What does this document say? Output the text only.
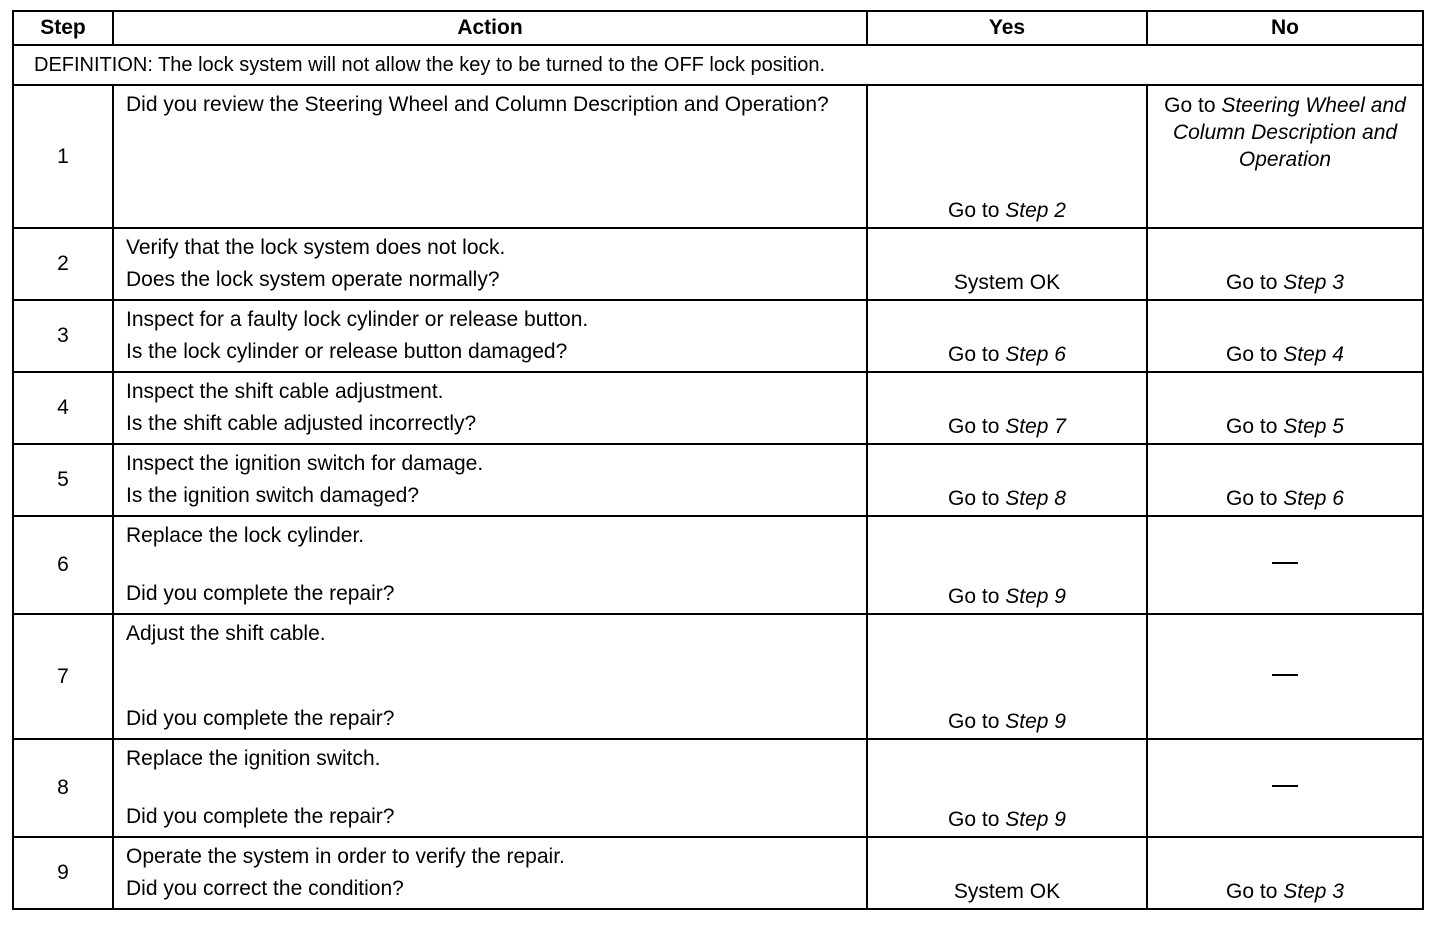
Step	Action	Yes	No
DEFINITION: The lock system will not allow the key to be turned to the OFF lock position.			
1	Did you review the Steering Wheel and Column Description and Operation?	Go to Step 2	Go to Steering Wheel and Column Description and Operation

2	Verify that the lock system does not lock.
Does the lock system operate normally?	System OK	Go to Step 3
3	Inspect for a faulty lock cylinder or release button.
Is the lock cylinder or release button damaged?	Go to Step 6	Go to Step 4
4	Inspect the shift cable adjustment.
Is the shift cable adjusted incorrectly?	Go to Step 7	Go to Step 5
5	Inspect the ignition switch for damage.
Is the ignition switch damaged?	Go to Step 8	Go to Step 6
6	Replace the lock cylinder.
Did you complete the repair?	Go to Step 9	
7	Adjust the shift cable.
Did you complete the repair?	Go to Step 9	
8	Replace the ignition switch.
Did you complete the repair?	Go to Step 9	
9	Operate the system in order to verify the repair.
Did you correct the condition?	System OK	Go to Step 3
